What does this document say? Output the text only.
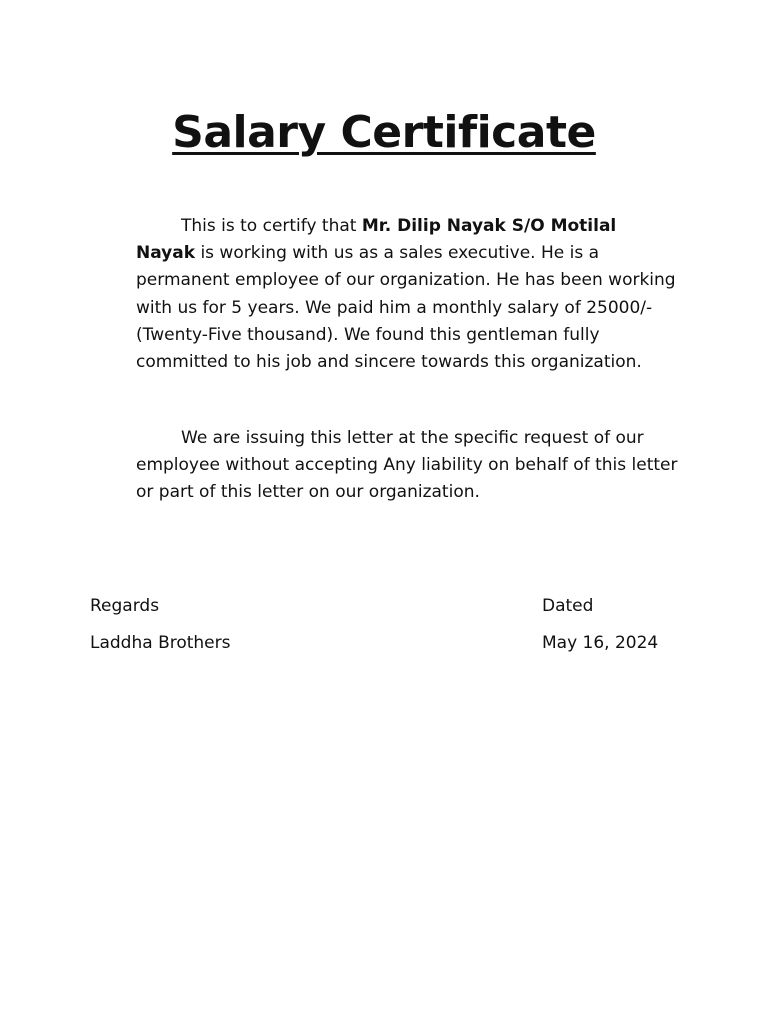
Salary Certificate

This is to certify that Mr. Dilip Nayak S/O Motilal Nayak is working with us as a sales executive. He is a permanent employee of our organization. He has been working with us for 5 years. We paid him a monthly salary of 25000/- (Twenty-Five thousand). We found this gentleman fully committed to his job and sincere towards this organization.

We are issuing this letter at the specific request of our employee without accepting Any liability on behalf of this letter or part of this letter on our organization.

Regards
Laddha Brothers
Dated
May 16, 2024
